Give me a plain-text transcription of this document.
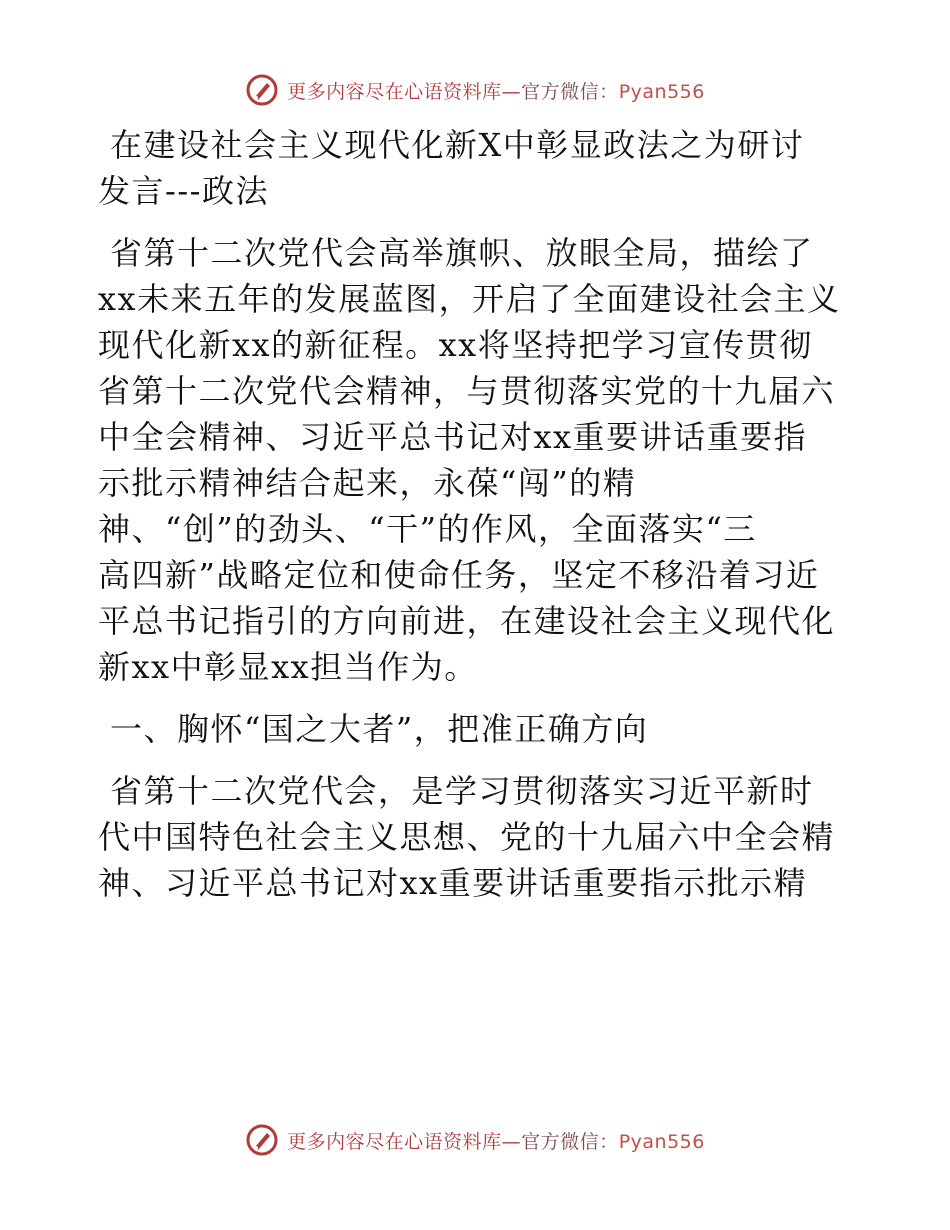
更多内容尽在心语资料库—官方微信：Pyan556
在建设社会主义现代化新X中彰显政法之为研讨
发言---政法

省第十二次党代会高举旗帜、放眼全局，描绘了
xx未来五年的发展蓝图，开启了全面建设社会主义
现代化新xx的新征程。xx将坚持把学习宣传贯彻
省第十二次党代会精神，与贯彻落实党的十九届六
中全会精神、习近平总书记对xx重要讲话重要指
示批示精神结合起来，永葆“闯”的精
神、“创”的劲头、“干”的作风，全面落实“三
高四新”战略定位和使命任务，坚定不移沿着习近
平总书记指引的方向前进，在建设社会主义现代化
新xx中彰显xx担当作为。

一、胸怀“国之大者”，把准正确方向

省第十二次党代会，是学习贯彻落实习近平新时
代中国特色社会主义思想、党的十九届六中全会精
神、习近平总书记对xx重要讲话重要指示批示精

更多内容尽在心语资料库—官方微信：Pyan556
